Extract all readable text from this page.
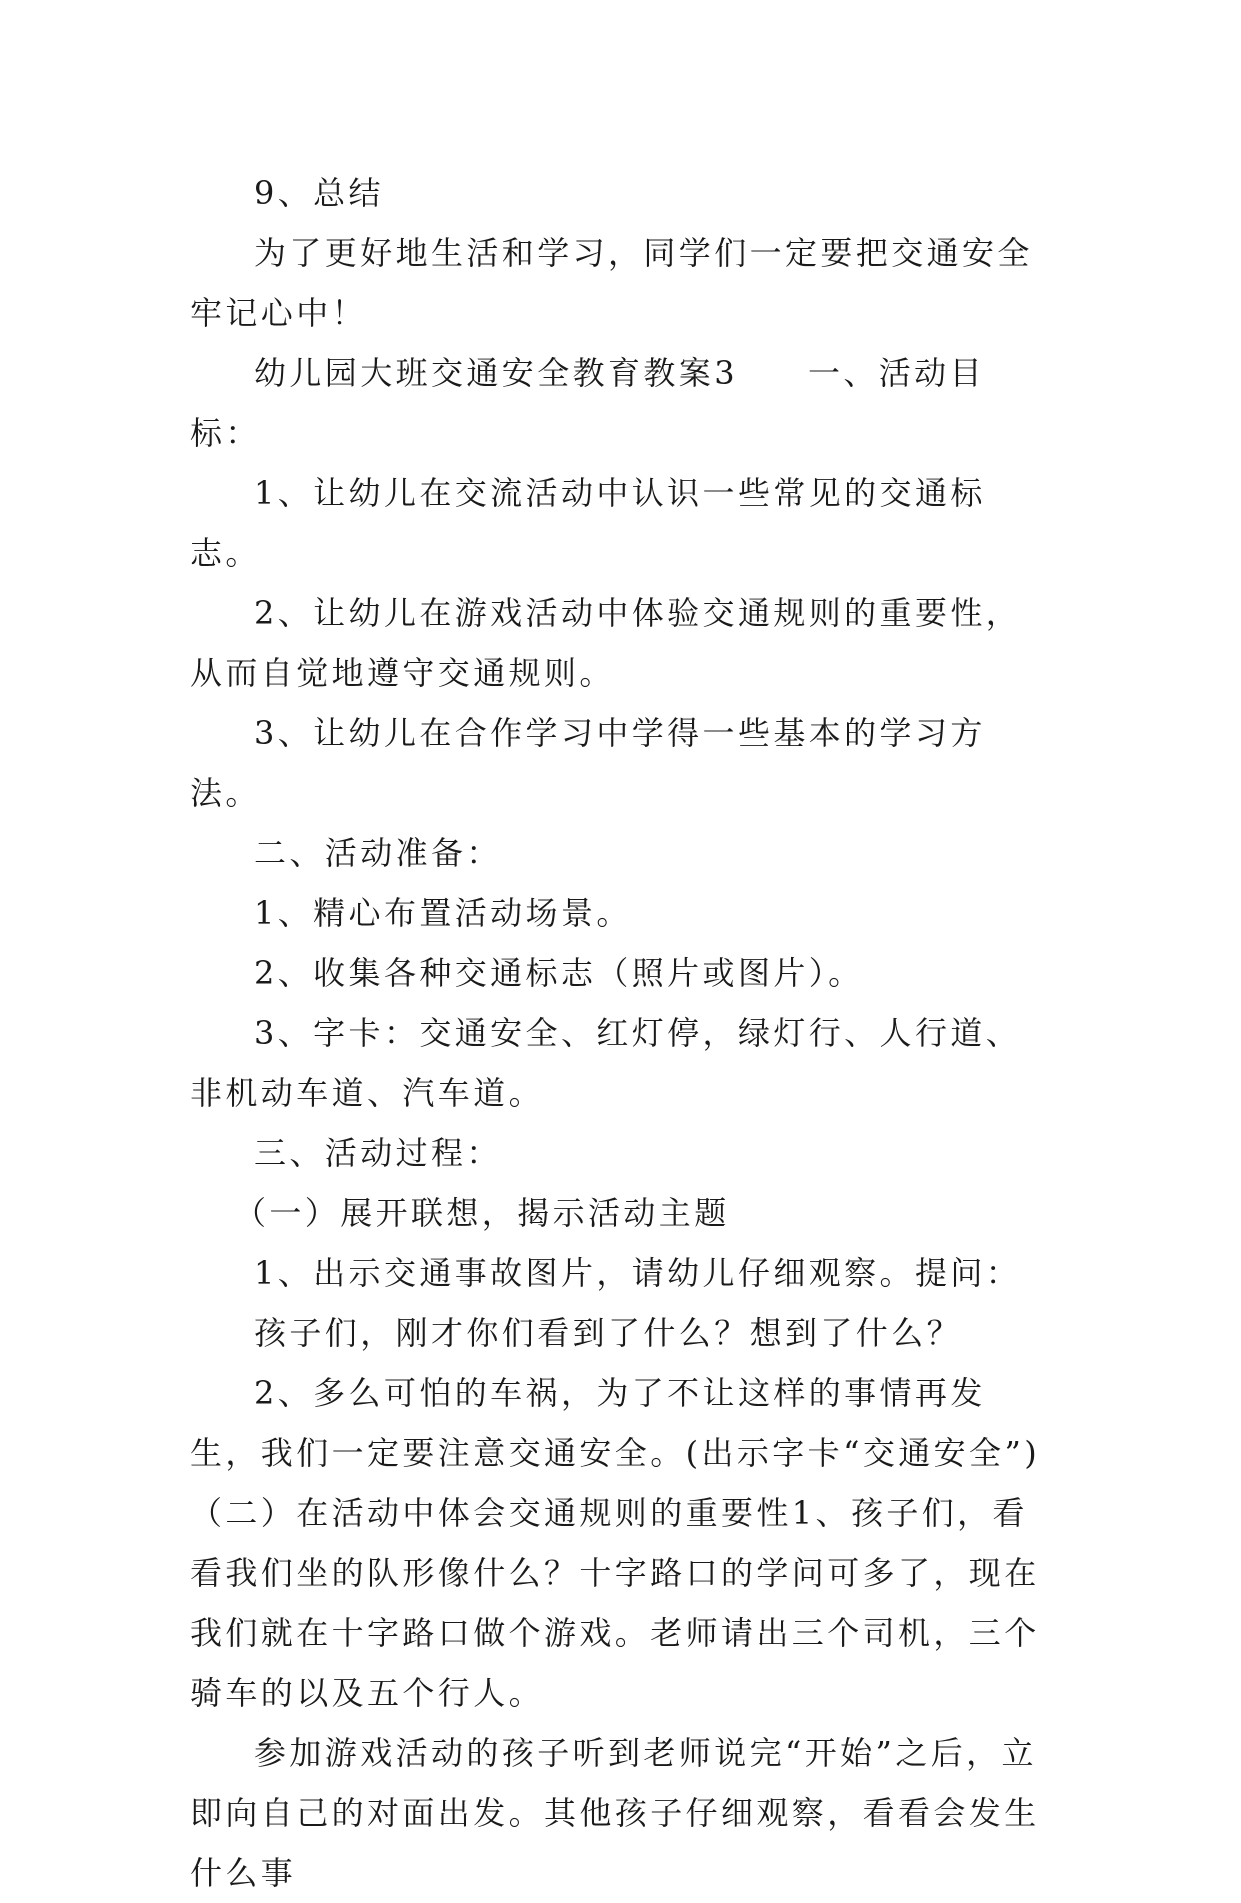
9、总结

为了更好地生活和学习，同学们一定要把交通安全牢记心中！

幼儿园大班交通安全教育教案3 一、活动目标：

1、让幼儿在交流活动中认识一些常见的交通标志。

2、让幼儿在游戏活动中体验交通规则的重要性，从而自觉地遵守交通规则。

3、让幼儿在合作学习中学得一些基本的学习方法。

二、活动准备：

1、精心布置活动场景。

2、收集各种交通标志（照片或图片）。

3、字卡：交通安全、红灯停，绿灯行、人行道、非机动车道、汽车道。

三、活动过程：

（一）展开联想，揭示活动主题

1、出示交通事故图片，请幼儿仔细观察。提问：

孩子们，刚才你们看到了什么？想到了什么？

2、多么可怕的车祸，为了不让这样的事情再发生，我们一定要注意交通安全。(出示字卡“交通安全”)（二）在活动中体会交通规则的重要性1、孩子们，看看我们坐的队形像什么？十字路口的学问可多了，现在我们就在十字路口做个游戏。老师请出三个司机，三个骑车的以及五个行人。

参加游戏活动的孩子听到老师说完“开始”之后，立即向自己的对面出发。其他孩子仔细观察，看看会发生什么事
